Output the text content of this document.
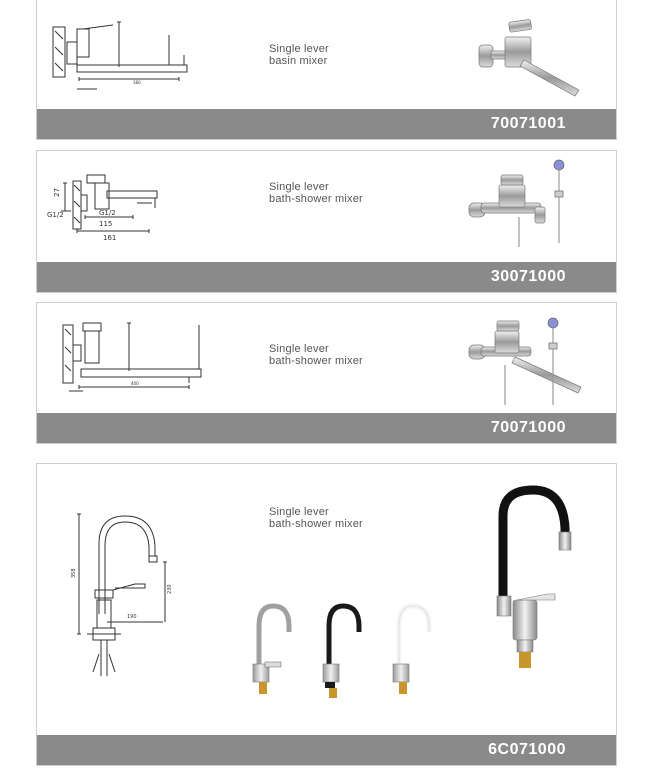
380
Single lever
basin mixer
70071001
27
G1/2	G1/2
115
161
Single lever
bath-shower mixer
30071000
400
Single lever
bath-shower mixer
70071000
358
230
190
Single lever
bath-shower mixer
6C071000
